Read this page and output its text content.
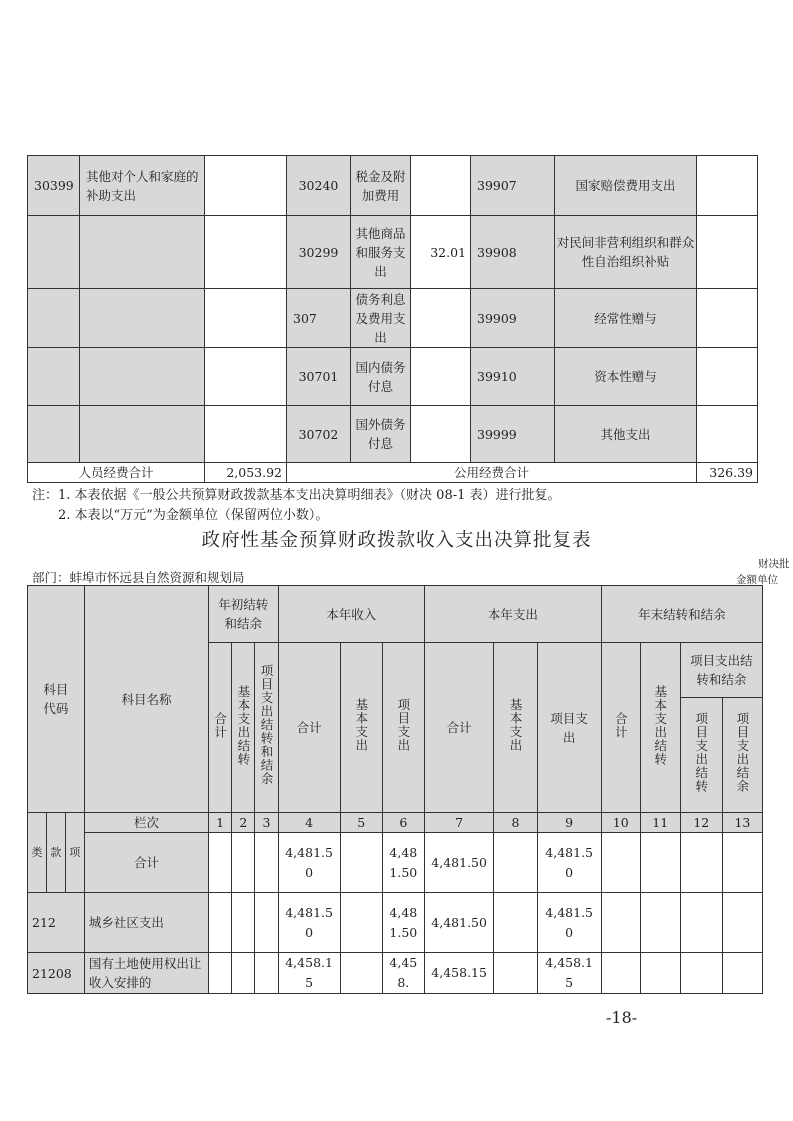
30399	其他对个人和家庭的补助支出		30240	税金及附加费用		39907	国家赔偿费用支出	
			30299	其他商品和服务支出	32.01	39908	对民间非营利组织和群众性自治组织补贴	
			307	债务利息及费用支出		39909	经常性赠与	
			30701	国内债务付息		39910	资本性赠与	
			30702	国外债务付息		39999	其他支出	
人员经费合计		2,053.92	公用经费合计					326.39
注：1. 本表依据《一般公共预算财政拨款基本支出决算明细表》（财决 08-1 表）进行批复。
2. 本表以“万元”为金额单位（保留两位小数）。
政府性基金预算财政拨款收入支出决算批复表
财决批
金额单位
部门：蚌埠市怀远县自然资源和规划局
科目代码			科目名称	年初结转和结余			本年收入			本年支出			年末结转和结余			
				合计	基本支出结转	项目支出结转和结余	合计	基本支出	项目支出	合计	基本支出	项目支出	合计	基本支出结转	项目支出结转和结余	
															项目支出结转	项目支出结余
类	款	项	栏次	1	2	3	4	5	6	7	8	9	10	11	12	13
			合计				4,481.50		4,481.50	4,481.50		4,481.50				
212			城乡社区支出				4,481.50		4,481.50	4,481.50		4,481.50				
21208			国有土地使用权出让收入安排的				4,458.15		4,458.	4,458.15		4,458.15				
-18-
